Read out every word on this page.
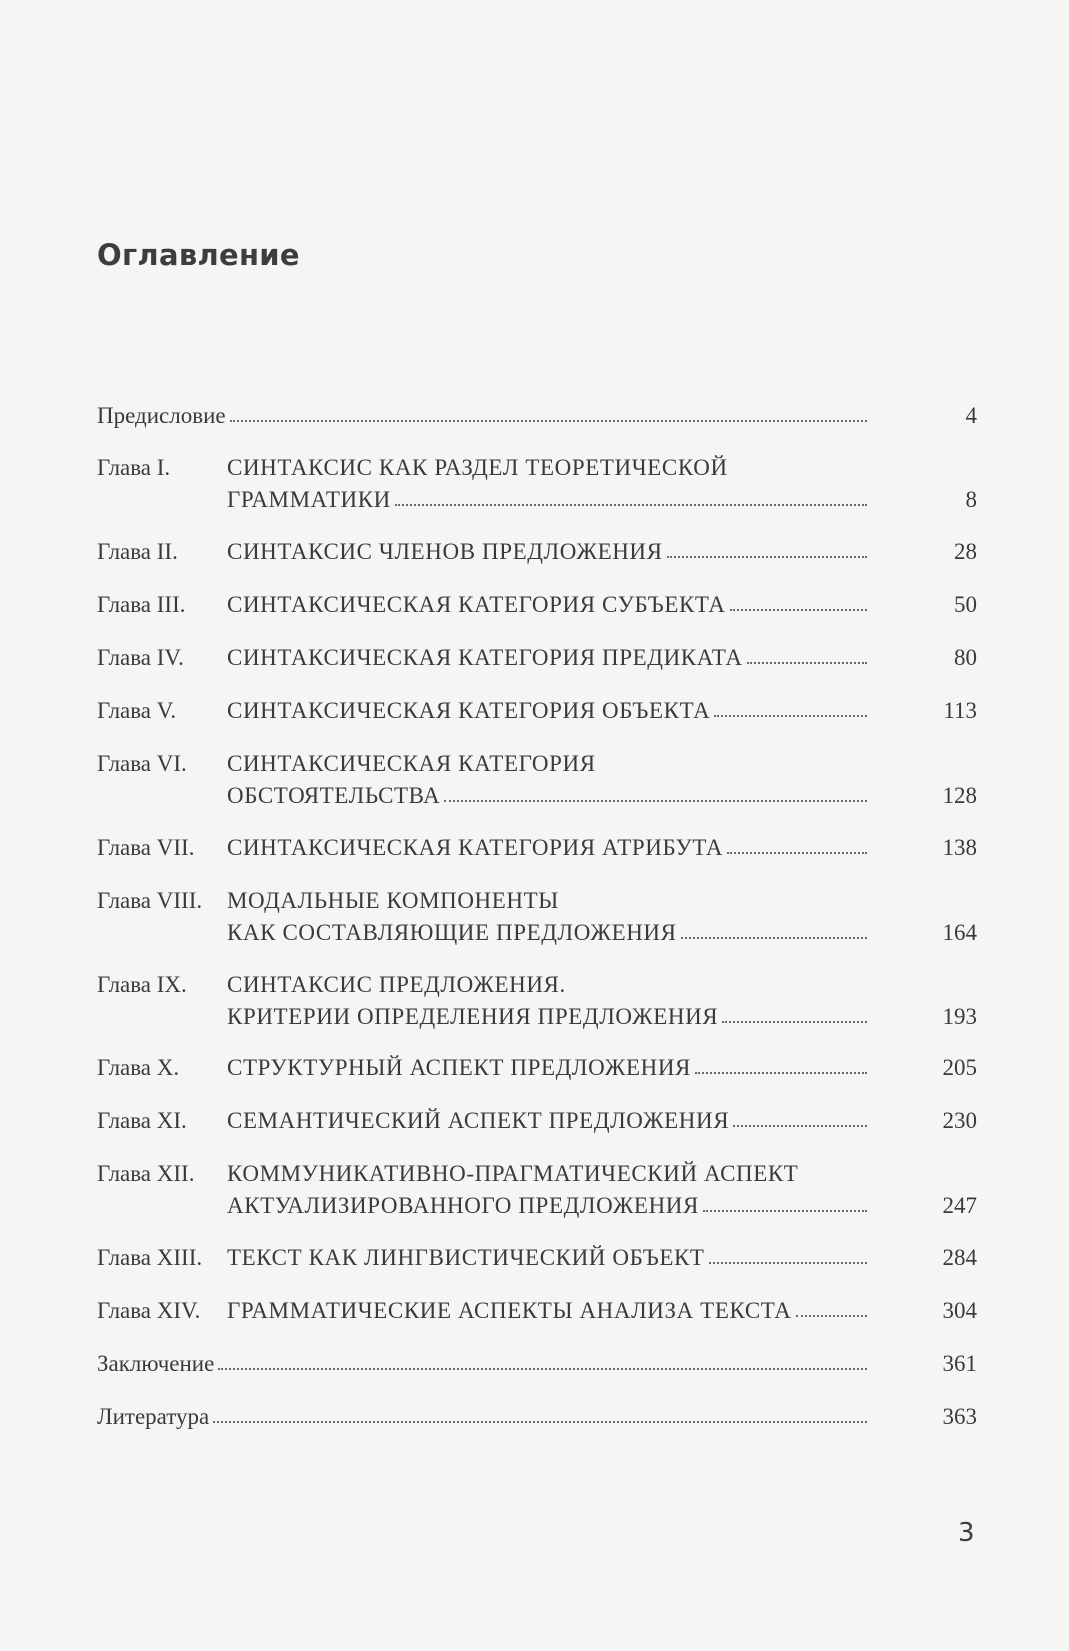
Оглавление
Предисловие	4
Глава I. СИНТАКСИС КАК РАЗДЕЛ ТЕОРЕТИЧЕСКОЙ
ГРАММАТИКИ	8
Глава II. СИНТАКСИС ЧЛЕНОВ ПРЕДЛОЖЕНИЯ	28
Глава III. СИНТАКСИЧЕСКАЯ КАТЕГОРИЯ СУБЪЕКТА	50
Глава IV. СИНТАКСИЧЕСКАЯ КАТЕГОРИЯ ПРЕДИКАТА	80
Глава V. СИНТАКСИЧЕСКАЯ КАТЕГОРИЯ ОБЪЕКТА	113
Глава VI. СИНТАКСИЧЕСКАЯ КАТЕГОРИЯ
ОБСТОЯТЕЛЬСТВА	128
Глава VII. СИНТАКСИЧЕСКАЯ КАТЕГОРИЯ АТРИБУТА	138
Глава VIII. МОДАЛЬНЫЕ КОМПОНЕНТЫ
КАК СОСТАВЛЯЮЩИЕ ПРЕДЛОЖЕНИЯ	164
Глава IX. СИНТАКСИС ПРЕДЛОЖЕНИЯ.
КРИТЕРИИ ОПРЕДЕЛЕНИЯ ПРЕДЛОЖЕНИЯ	193
Глава X. СТРУКТУРНЫЙ АСПЕКТ ПРЕДЛОЖЕНИЯ	205
Глава XI. СЕМАНТИЧЕСКИЙ АСПЕКТ ПРЕДЛОЖЕНИЯ	230
Глава XII. КОММУНИКАТИВНО-ПРАГМАТИЧЕСКИЙ АСПЕКТ
АКТУАЛИЗИРОВАННОГО ПРЕДЛОЖЕНИЯ	247
Глава XIII. ТЕКСТ КАК ЛИНГВИСТИЧЕСКИЙ ОБЪЕКТ	284
Глава XIV. ГРАММАТИЧЕСКИЕ АСПЕКТЫ АНАЛИЗА ТЕКСТА	304
Заключение	361
Литература	363
3
